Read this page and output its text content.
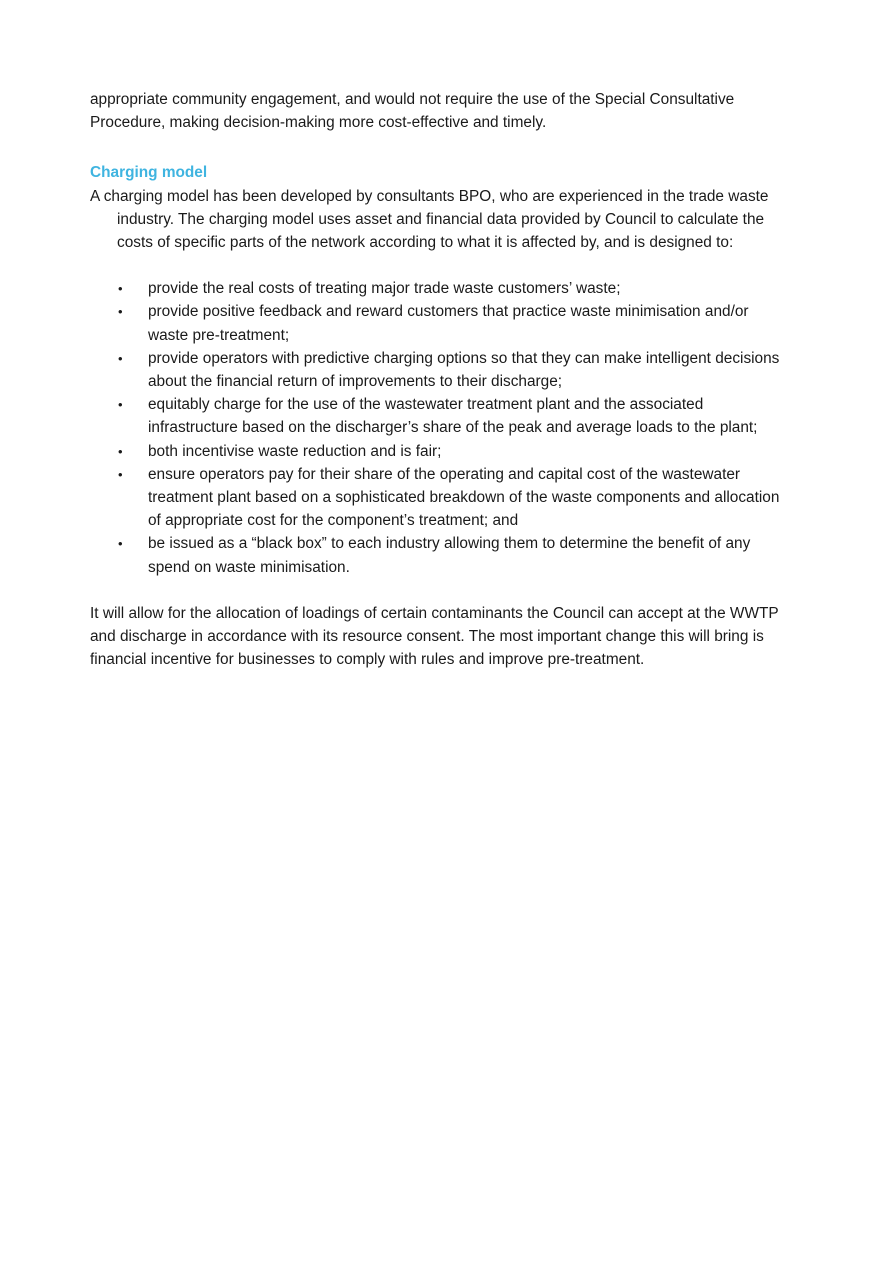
appropriate community engagement, and would not require the use of the Special Consultative Procedure, making decision-making more cost-effective and timely.

Charging model

A charging model has been developed by consultants BPO, who are experienced in the trade waste industry. The charging model uses asset and financial data provided by Council to calculate the costs of specific parts of the network according to what it is affected by, and is designed to:

• provide the real costs of treating major trade waste customers’ waste;
• provide positive feedback and reward customers that practice waste minimisation and/or waste pre-treatment;
• provide operators with predictive charging options so that they can make intelligent decisions about the financial return of improvements to their discharge;
• equitably charge for the use of the wastewater treatment plant and the associated infrastructure based on the discharger’s share of the peak and average loads to the plant;
• both incentivise waste reduction and is fair;
• ensure operators pay for their share of the operating and capital cost of the wastewater treatment plant based on a sophisticated breakdown of the waste components and allocation of appropriate cost for the component’s treatment; and
• be issued as a “black box” to each industry allowing them to determine the benefit of any spend on waste minimisation.

It will allow for the allocation of loadings of certain contaminants the Council can accept at the WWTP and discharge in accordance with its resource consent. The most important change this will bring is financial incentive for businesses to comply with rules and improve pre-treatment.
